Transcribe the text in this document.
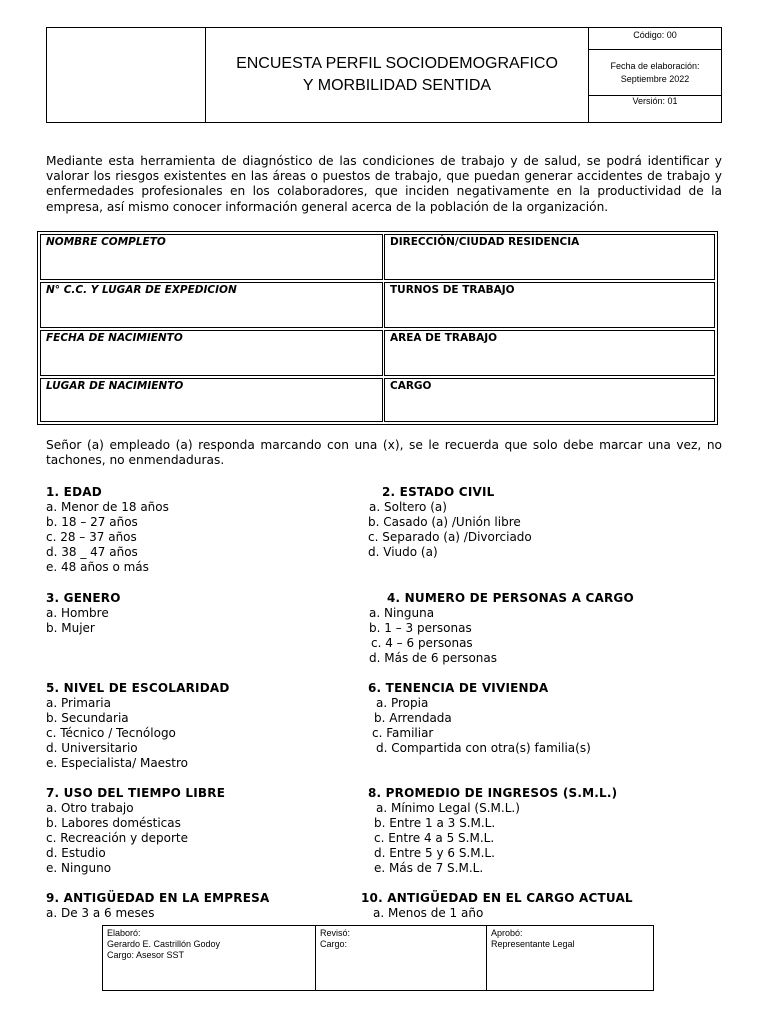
ENCUESTA PERFIL SOCIODEMOGRAFICO
Y MORBILIDAD SENTIDA
Código: 00
Fecha de elaboración:
Septiembre 2022
Versión: 01
Mediante esta herramienta de diagnóstico de las condiciones de trabajo y de salud, se podrá identificar y valorar los riesgos existentes en las áreas o puestos de trabajo, que puedan generar accidentes de trabajo y enfermedades profesionales en los colaboradores, que inciden negativamente en la productividad de la empresa, así mismo conocer información general acerca de la población de la organización.
NOMBRE COMPLETO	DIRECCIÓN/CIUDAD RESIDENCIA
N° C.C. Y LUGAR DE EXPEDICION	TURNOS DE TRABAJO
FECHA DE NACIMIENTO	AREA DE TRABAJO
LUGAR DE NACIMIENTO	CARGO
Señor (a) empleado (a) responda marcando con una (x), se le recuerda que solo debe marcar una vez, no tachones, no enmendaduras.
1. EDAD
a. Menor de 18 años
b. 18 – 27 años
c. 28 – 37 años
d. 38 _ 47 años
e. 48 años o más
2. ESTADO CIVIL
a. Soltero (a)
b. Casado (a) /Unión libre
c. Separado (a) /Divorciado
d. Viudo (a)
3. GENERO
a. Hombre
b. Mujer
4. NUMERO DE PERSONAS A CARGO
a. Ninguna
b. 1 – 3 personas
c. 4 – 6 personas
d. Más de 6 personas
5. NIVEL DE ESCOLARIDAD
a. Primaria
b. Secundaria
c. Técnico / Tecnólogo
d. Universitario
e. Especialista/ Maestro
6. TENENCIA DE VIVIENDA
a. Propia
b. Arrendada
c. Familiar
d. Compartida con otra(s) familia(s)
7. USO DEL TIEMPO LIBRE
a. Otro trabajo
b. Labores domésticas
c. Recreación y deporte
d. Estudio
e. Ninguno
8. PROMEDIO DE INGRESOS (S.M.L.)
a. Mínimo Legal (S.M.L.)
b. Entre 1 a 3 S.M.L.
c. Entre 4 a 5 S.M.L.
d. Entre 5 y 6 S.M.L.
e. Más de 7 S.M.L.
9. ANTIGÜEDAD EN LA EMPRESA
a. De 3 a 6 meses
10. ANTIGÜEDAD EN EL CARGO ACTUAL
a. Menos de 1 año
Elaboró:
Gerardo E. Castrillón Godoy
Cargo: Asesor SST
Revisó:
Cargo:
Aprobó:
Representante Legal
